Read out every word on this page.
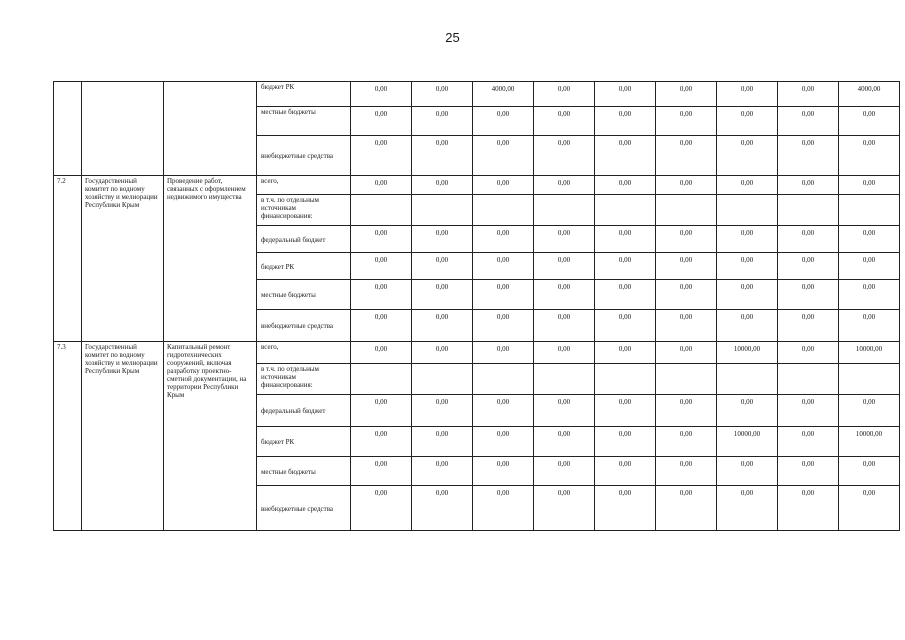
25
			бюджет РК	0,00	0,00	4000,00	0,00	0,00	0,00	0,00	0,00	4000,00
			местные бюджеты	0,00	0,00	0,00	0,00	0,00	0,00	0,00	0,00	0,00
			внебюджетные средства	0,00	0,00	0,00	0,00	0,00	0,00	0,00	0,00	0,00
7.2	Государственный комитет по водному хозяйству и мелиорации Республики Крым	Проведение работ, связанных с оформлением недвижимого имущества	всего,	0,00	0,00	0,00	0,00	0,00	0,00	0,00	0,00	0,00
			в т.ч. по отдельным источникам финансирования:									
			федеральный бюджет	0,00	0,00	0,00	0,00	0,00	0,00	0,00	0,00	0,00
			бюджет РК	0,00	0,00	0,00	0,00	0,00	0,00	0,00	0,00	0,00
			местные бюджеты	0,00	0,00	0,00	0,00	0,00	0,00	0,00	0,00	0,00
			внебюджетные средства	0,00	0,00	0,00	0,00	0,00	0,00	0,00	0,00	0,00
7.3	Государственный комитет по водному хозяйству и мелиорации Республики Крым	Капитальный ремонт гидротехнических сооружений, включая разработку проектно-сметной документации, на территории Республики Крым	всего,	0,00	0,00	0,00	0,00	0,00	0,00	10000,00	0,00	10000,00
			в т.ч. по отдельным источникам финансирования:									
			федеральный бюджет	0,00	0,00	0,00	0,00	0,00	0,00	0,00	0,00	0,00
			бюджет РК	0,00	0,00	0,00	0,00	0,00	0,00	10000,00	0,00	10000,00
			местные бюджеты	0,00	0,00	0,00	0,00	0,00	0,00	0,00	0,00	0,00
			внебюджетные средства	0,00	0,00	0,00	0,00	0,00	0,00	0,00	0,00	0,00
